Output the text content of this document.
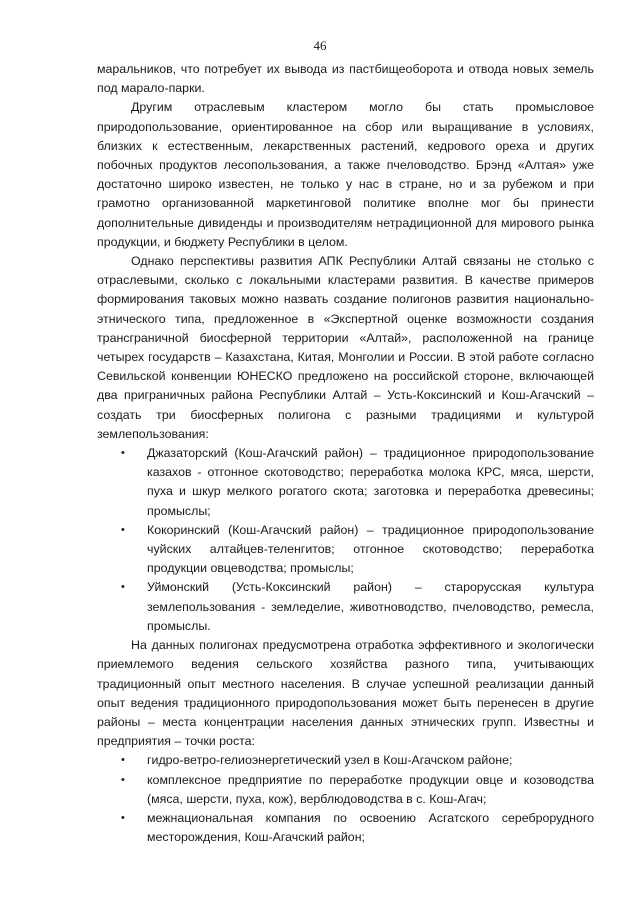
46

маральников, что потребует их вывода из пастбищеоборота и отвода новых земель под марало-парки.

Другим отраслевым кластером могло бы стать промысловое природопользование, ориентированное на сбор или выращивание в условиях, близких к естественным, лекарственных растений, кедрового ореха и других побочных продуктов лесопользования, а также пчеловодство. Брэнд «Алтая» уже достаточно широко известен, не только у нас в стране, но и за рубежом и при грамотно организованной маркетинговой политике вполне мог бы принести дополнительные дивиденды и производителям нетрадиционной для мирового рынка продукции, и бюджету Республики в целом.

Однако перспективы развития АПК Республики Алтай связаны не столько с отраслевыми, сколько с локальными кластерами развития. В качестве примеров формирования таковых можно назвать создание полигонов развития национально-этнического типа, предложенное в «Экспертной оценке возможности создания трансграничной биосферной территории «Алтай», расположенной на границе четырех государств – Казахстана, Китая, Монголии и России. В этой работе согласно Севильской конвенции ЮНЕСКО предложено на российской стороне, включающей два приграничных района Республики Алтай – Усть-Коксинский и Кош-Агачский – создать три биосферных полигона с разными традициями и культурой землепользования:

• Джазаторский (Кош-Агачский район) – традиционное природопользование казахов - отгонное скотоводство; переработка молока КРС, мяса, шерсти, пуха и шкур мелкого рогатого скота; заготовка и переработка древесины; промыслы;
• Кокоринский (Кош-Агачский район) – традиционное природопользование чуйских алтайцев-теленгитов; отгонное скотоводство; переработка продукции овцеводства; промыслы;
• Уймонский (Усть-Коксинский район) – старорусская культура землепользования - земледелие, животноводство, пчеловодство, ремесла, промыслы.

На данных полигонах предусмотрена отработка эффективного и экологически приемлемого ведения сельского хозяйства разного типа, учитывающих традиционный опыт местного населения. В случае успешной реализации данный опыт ведения традиционного природопользования может быть перенесен в другие районы – места концентрации населения данных этнических групп. Известны и предприятия – точки роста:

• гидро-ветро-гелиоэнергетический узел в Кош-Агачском районе;
• комплексное предприятие по переработке продукции овце и козоводства (мяса, шерсти, пуха, кож), верблюдоводства в с. Кош-Агач;
• межнациональная компания по освоению Асгатского сереброрудного месторождения, Кош-Агачский район;
